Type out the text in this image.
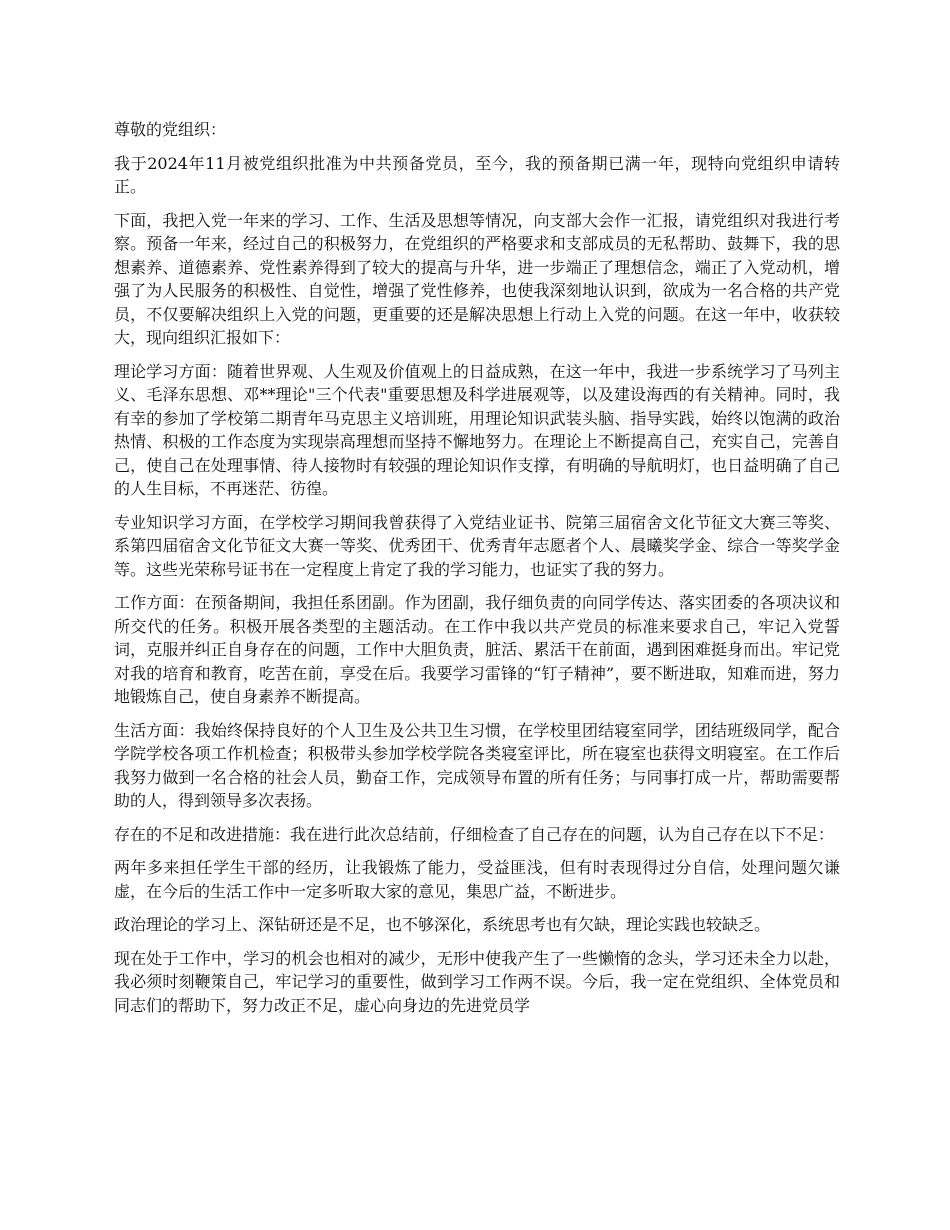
尊敬的党组织：

我于2024年11月被党组织批准为中共预备党员，至今，我的预备期已满一年，现特向党组织申请转正。

下面，我把入党一年来的学习、工作、生活及思想等情况，向支部大会作一汇报，请党组织对我进行考察。预备一年来，经过自己的积极努力，在党组织的严格要求和支部成员的无私帮助、鼓舞下，我的思想素养、道德素养、党性素养得到了较大的提高与升华，进一步端正了理想信念，端正了入党动机，增强了为人民服务的积极性、自觉性，增强了党性修养，也使我深刻地认识到，欲成为一名合格的共产党员，不仅要解决组织上入党的问题，更重要的还是解决思想上行动上入党的问题。在这一年中，收获较大，现向组织汇报如下：

理论学习方面：随着世界观、人生观及价值观上的日益成熟，在这一年中，我进一步系统学习了马列主义、毛泽东思想、邓**理论"三个代表"重要思想及科学进展观等，以及建设海西的有关精神。同时，我有幸的参加了学校第二期青年马克思主义培训班，用理论知识武装头脑、指导实践，始终以饱满的政治热情、积极的工作态度为实现崇高理想而坚持不懈地努力。在理论上不断提高自己，充实自己，完善自己，使自己在处理事情、待人接物时有较强的理论知识作支撑，有明确的导航明灯，也日益明确了自己的人生目标，不再迷茫、彷徨。

专业知识学习方面，在学校学习期间我曾获得了入党结业证书、院第三届宿舍文化节征文大赛三等奖、系第四届宿舍文化节征文大赛一等奖、优秀团干、优秀青年志愿者个人、晨曦奖学金、综合一等奖学金等。这些光荣称号证书在一定程度上肯定了我的学习能力，也证实了我的努力。

工作方面：在预备期间，我担任系团副。作为团副，我仔细负责的向同学传达、落实团委的各项决议和所交代的任务。积极开展各类型的主题活动。在工作中我以共产党员的标准来要求自己，牢记入党誓词，克服并纠正自身存在的问题，工作中大胆负责，脏活、累活干在前面，遇到困难挺身而出。牢记党对我的培育和教育，吃苦在前，享受在后。我要学习雷锋的“钉子精神”，要不断进取，知难而进，努力地锻炼自己，使自身素养不断提高。

生活方面：我始终保持良好的个人卫生及公共卫生习惯，在学校里团结寝室同学，团结班级同学，配合学院学校各项工作机检查；积极带头参加学校学院各类寝室评比，所在寝室也获得文明寝室。在工作后我努力做到一名合格的社会人员，勤奋工作，完成领导布置的所有任务；与同事打成一片，帮助需要帮助的人，得到领导多次表扬。

存在的不足和改进措施：我在进行此次总结前，仔细检查了自己存在的问题，认为自己存在以下不足：

两年多来担任学生干部的经历，让我锻炼了能力，受益匪浅，但有时表现得过分自信，处理问题欠谦虚，在今后的生活工作中一定多听取大家的意见，集思广益，不断进步。

政治理论的学习上、深钻研还是不足，也不够深化，系统思考也有欠缺，理论实践也较缺乏。

现在处于工作中，学习的机会也相对的减少，无形中使我产生了一些懒惰的念头，学习还未全力以赴，我必须时刻鞭策自己，牢记学习的重要性，做到学习工作两不误。今后，我一定在党组织、全体党员和同志们的帮助下，努力改正不足，虚心向身边的先进党员学
